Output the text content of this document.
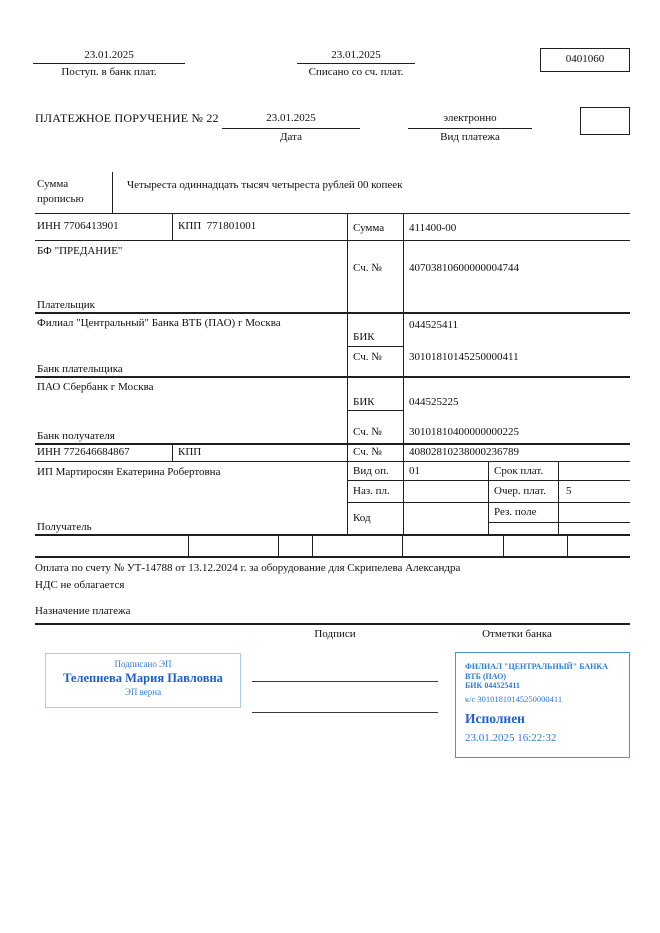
23.01.2025
Поступ. в банк плат.
23.01.2025
Списано со сч. плат.
0401060
ПЛАТЕЖНОЕ ПОРУЧЕНИЕ № 22	23.01.2025
Дата
электронно
Вид платежа
Сумма прописью
Четыреста одиннадцать тысяч четыреста рублей 00 копеек
ИНН 7706413901	КПП  771801001	Сумма 411400-00
БФ "ПРЕДАНИЕ"
Сч. № 40703810600000004744
Плательщик
Филиал "Центральный" Банка ВТБ (ПАО) г Москва
БИК
044525411
Сч. № 30101810145250000411
Банк плательщика
ПАО Сбербанк г Москва
БИК	044525225
Сч. № 30101810400000000225
Банк получателя
ИНН 772646684867	КПП	Сч. № 40802810238000236789
ИП Мартиросян Екатерина Робертовна	Вид оп. 01	Срок плат.
Наз. пл.	Очер. плат. 5
Код	Рез. поле
Получатель
Оплата по счету № УТ-14788 от 13.12.2024 г. за оборудование для Скрипелева Александра
НДС не облагается
Назначение платежа
Подписи	Отметки банка
Подписано ЭП
Телепнева Мария Павловна
ЭП верна
ФИЛИАЛ "ЦЕНТРАЛЬНЫЙ" БАНКА
ВТБ (ПАО)
БИК 044525411
к/с 30101810145250000411
Исполнен
23.01.2025 16:22:32
